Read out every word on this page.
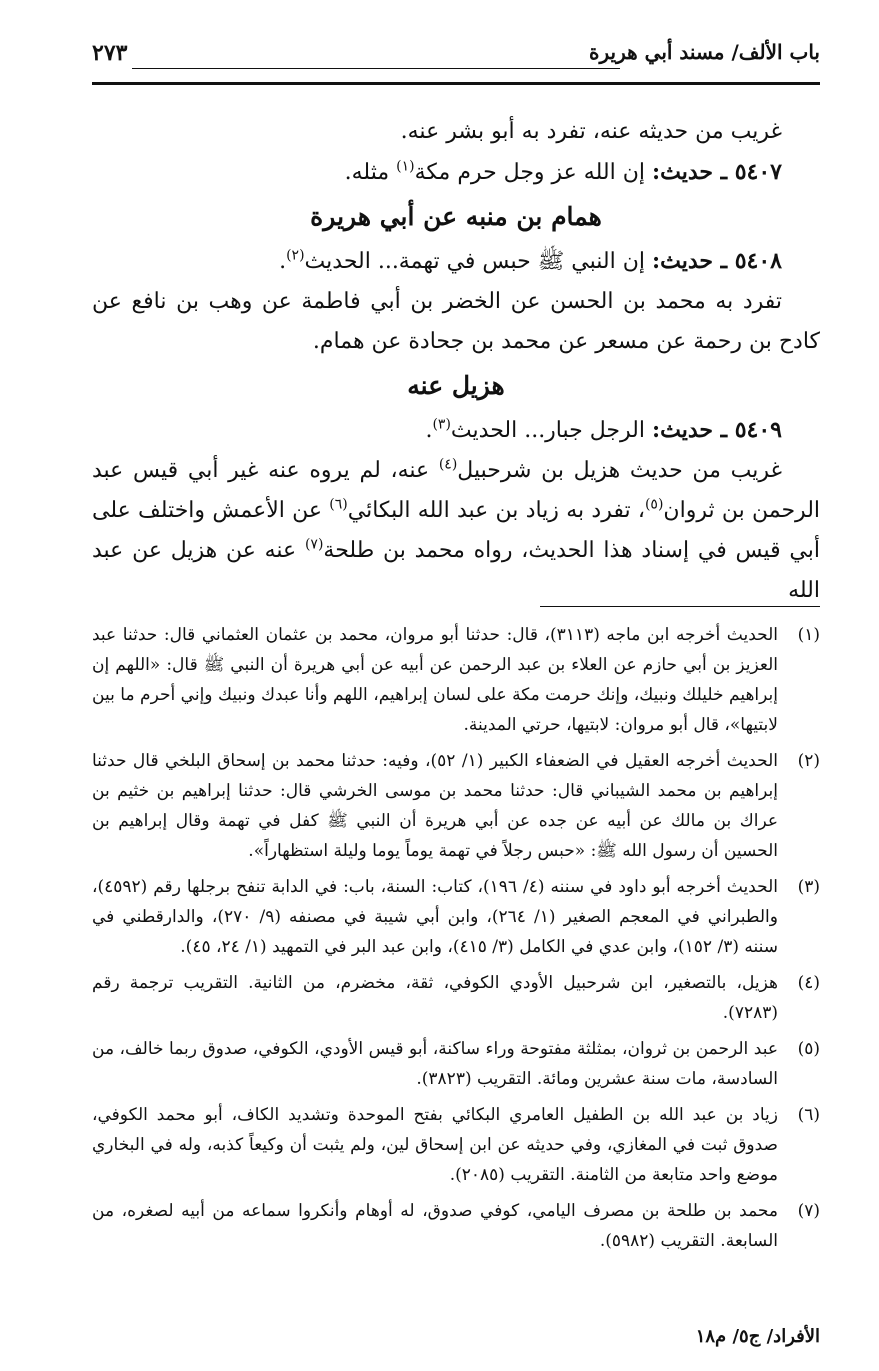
باب الألف/ مسند أبي هريرة
٢٧٣

غريب من حديثه عنه، تفرد به أبو بشر عنه.

٥٤٠٧ ـ حديث: إن الله عز وجل حرم مكة$^{(١)}$ مثله.

همام بن منبه عن أبي هريرة

٥٤٠٨ ـ حديث: إن النبي ﷺ حبس في تهمة... الحديث$^{(٢)}$.

تفرد به محمد بن الحسن عن الخضر بن أبي فاطمة عن وهب بن نافع عن كادح بن رحمة عن مسعر عن محمد بن جحادة عن همام.

هزيل عنه

٥٤٠٩ ـ حديث: الرجل جبار... الحديث$^{(٣)}$.

غريب من حديث هزيل بن شرحبيل$^{(٤)}$ عنه، لم يروه عنه غير أبي قيس عبد الرحمن بن ثروان$^{(٥)}$، تفرد به زياد بن عبد الله البكائي$^{(٦)}$ عن الأعمش واختلف على أبي قيس في إسناد هذا الحديث، رواه محمد بن طلحة$^{(٧)}$ عنه عن هزيل عن عبد الله

(١)
الحديث أخرجه ابن ماجه (٣١١٣)، قال: حدثنا أبو مروان، محمد بن عثمان العثماني قال: حدثنا عبد العزيز بن أبي حازم عن العلاء بن عبد الرحمن عن أبيه عن أبي هريرة أن النبي ﷺ قال: «اللهم إن إبراهيم خليلك ونبيك، وإنك حرمت مكة على لسان إبراهيم، اللهم وأنا عبدك ونبيك وإني أحرم ما بين لابتيها»، قال أبو مروان: لابتيها، حرتي المدينة.
(٢)
الحديث أخرجه العقيل في الضعفاء الكبير (١/ ٥٢)، وفيه: حدثنا محمد بن إسحاق البلخي قال حدثنا إبراهيم بن محمد الشيباني قال: حدثنا محمد بن موسى الخرشي قال: حدثنا إبراهيم بن خثيم بن عراك بن مالك عن أبيه عن جده عن أبي هريرة أن النبي ﷺ كفل في تهمة وقال إبراهيم بن الحسين أن رسول الله ﷺ: «حبس رجلاً في تهمة يوماً يوما وليلة استظهاراً».
(٣)
الحديث أخرجه أبو داود في سننه (٤/ ١٩٦)، كتاب: السنة، باب: في الدابة تنفح برجلها رقم (٤٥٩٢)، والطبراني في المعجم الصغير (١/ ٢٦٤)، وابن أبي شيبة في مصنفه (٩/ ٢٧٠)، والدارقطني في سننه (٣/ ١٥٢)، وابن عدي في الكامل (٣/ ٤١٥)، وابن عبد البر في التمهيد (١/ ٢٤، ٤٥).
(٤)
هزيل، بالتصغير، ابن شرحبيل الأودي الكوفي، ثقة، مخضرم، من الثانية. التقريب ترجمة رقم (٧٢٨٣).
(٥)
عبد الرحمن بن ثروان، بمثلثة مفتوحة وراء ساكنة، أبو قيس الأودي، الكوفي، صدوق ربما خالف، من السادسة، مات سنة عشرين ومائة. التقريب (٣٨٢٣).
(٦)
زياد بن عبد الله بن الطفيل العامري البكائي بفتح الموحدة وتشديد الكاف، أبو محمد الكوفي، صدوق ثبت في المغازي، وفي حديثه عن ابن إسحاق لين، ولم يثبت أن وكيعاً كذبه، وله في البخاري موضع واحد متابعة من الثامنة. التقريب (٢٠٨٥).
(٧)
محمد بن طلحة بن مصرف اليامي، كوفي صدوق، له أوهام وأنكروا سماعه من أبيه لصغره، من السابعة. التقريب (٥٩٨٢).
الأفراد/ ج٥/ م١٨
